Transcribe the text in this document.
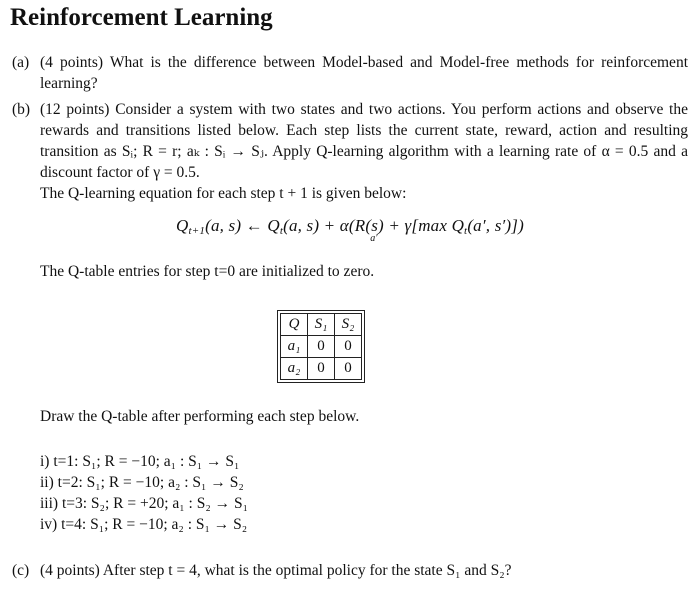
Reinforcement Learning
(a) (4 points) What is the difference between Model-based and Model-free methods for reinforcement learning?
(b) (12 points) Consider a system with two states and two actions. You perform actions and observe the rewards and transitions listed below. Each step lists the current state, reward, action and resulting transition as Sᵢ; R = r; aₖ : Sᵢ → Sⱼ. Apply Q-learning algorithm with a learning rate of α = 0.5 and a discount factor of γ = 0.5.
The Q-learning equation for each step t + 1 is given below:
$Q_{t+1}(a$, s) ← $Q_t(a$, s) + α(R(s) + γ[max $Q_t(a'$, s′)])
a′
The Q-table entries for step t=0 are initialized to zero.
Q	S₁	S₂
a₁	0	0
a₂	0	0
Draw the Q-table after performing each step below.
i) t=1: S₁; R = −10; a₁ : S₁ → S₁
ii) t=2: S₁; R = −10; a₂ : S₁ → S₂
iii) t=3: S₂; R = +20; a₁ : S₂ → S₁
iv) t=4: S₁; R = −10; a₂ : S₁ → S₂
(c) (4 points) After step t = 4, what is the optimal policy for the state S₁ and S₂?
